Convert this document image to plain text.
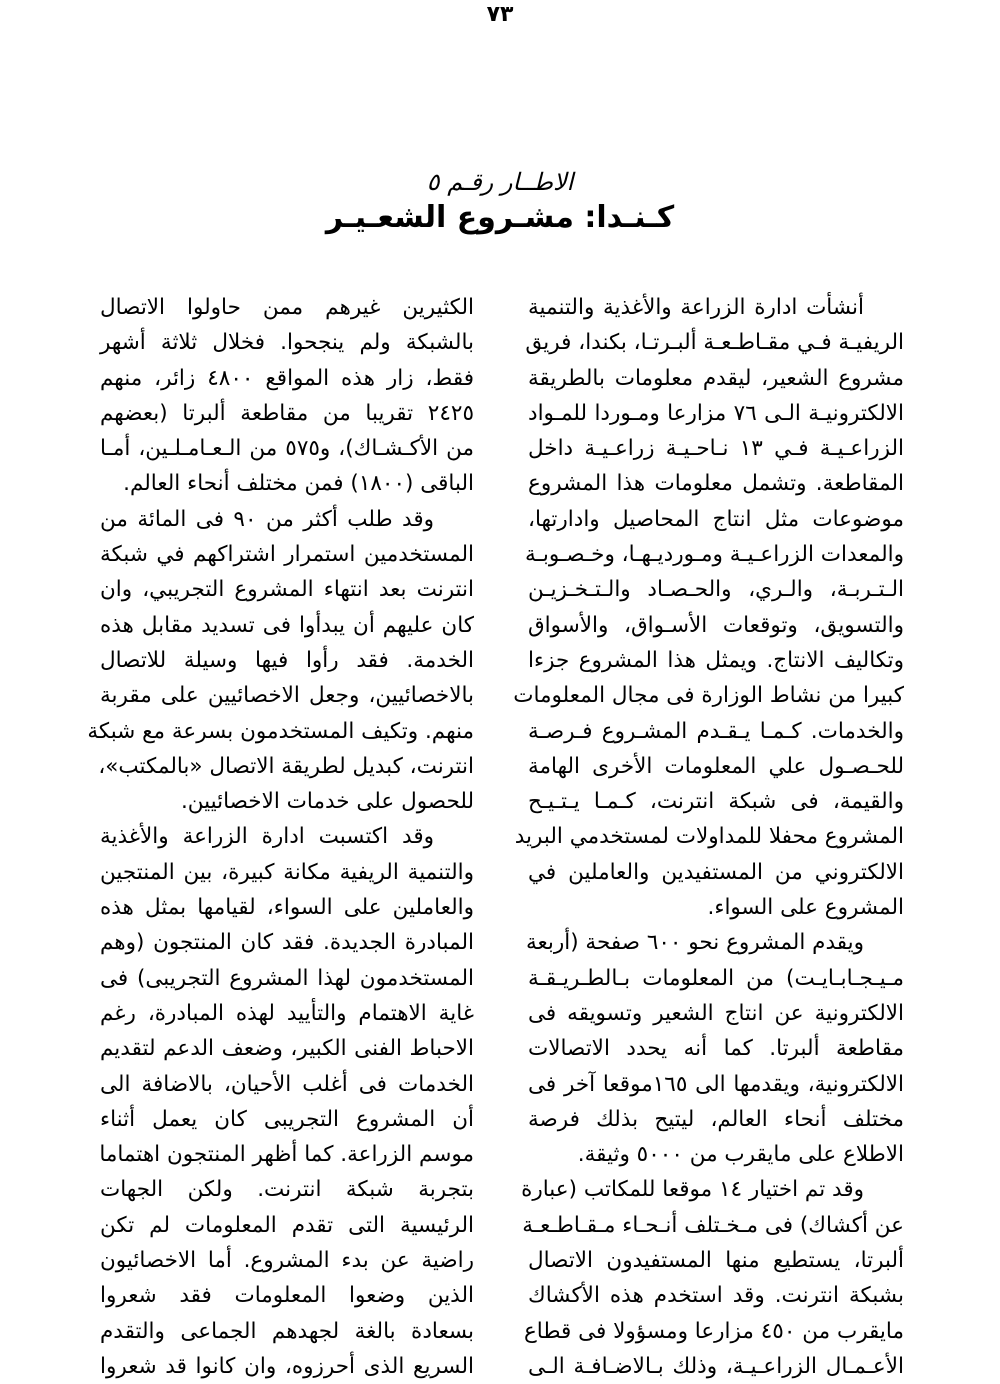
٧٣
الاطــار رقـم ٥
كـنـدا: مشـروع الشعـيـر
أنشأت ادارة الزراعة والأغذية والتنمية
الريفيـة فـي مقـاطـعـة ألبـرتـا، بكندا، فريق
مشروع الشعير، ليقدم معلومات بالطريقة
الالكترونيـة الـى ٧٦ مزارعا ومـوردا للمـواد
الزراعـيـة فـي ١٣ نـاحـيـة زراعـيـة داخل
المقاطعة. وتشمل معلومات هذا المشروع
موضوعات مثل انتاج المحاصيل وادارتها،
والمعدات الزراعـيـة ومـورديـهـا، وخـصـوبـة
الـتـربـة، والـري، والحـصـاد والـتـخـزيـن
والتسويق، وتوقعات الأسـواق، والأسواق
وتكاليف الانتاج. ويمثل هذا المشروع جزءا
كبيرا من نشاط الوزارة فى مجال المعلومات
والخدمات. كـمـا يـقـدم المشـروع فـرصـة
للحـصـول علي المعلومات الأخرى الهامة
والقيمة، فى شبكة انترنت، كـمـا يـتـيـح
المشروع محفلا للمداولات لمستخدمي البريد
الالكتروني من المستفيدين والعاملين في
المشروع على السواء.
ويقدم المشروع نحو ٦٠٠ صفحة (أربعة
مـيـجـابـايـت) من المعلومات بـالطـريـقـة
الالكترونية عن انتاج الشعير وتسويقه فى
مقاطعة ألبرتا. كما أنه يحدد الاتصالات
الالكترونية، ويقدمها الى ١٦٥موقعا آخر فى
مختلف أنحاء العالم، ليتيح بذلك فرصة
الاطلاع على مايقرب من ٥٠٠٠ وثيقة.
وقد تم اختيار ١٤ موقعا للمكاتب (عبارة
عن أكشاك) فى مـخـتلف أنـحـاء مـقـاطـعـة
ألبرتا، يستطيع منها المستفيدون الاتصال
بشبكة انترنت. وقد استخدم هذه الأكشاك
مايقرب من ٤٥٠ مزارعا ومسؤولا فى قطاع
الأعـمـال الزراعـيـة، وذلك بـالاضـافـة الـى
الكثيرين غيرهم ممن حاولوا الاتصال
بالشبكة ولم ينجحوا. فخلال ثلاثة أشهر
فقط، زار هذه المواقع ٤٨٠٠ زائر، منهم
٢٤٢٥ تقريبا من مقاطعة ألبرتا (بعضهم
من الأكـشـاك)، و٥٧٥ من الـعـامـلـين، أمـا
الباقى (١٨٠٠) فمن مختلف أنحاء العالم.
وقد طلب أكثر من ٩٠ فى المائة من
المستخدمين استمرار اشتراكهم في شبكة
انترنت بعد انتهاء المشروع التجريبي، وان
كان عليهم أن يبدأوا فى تسديد مقابل هذه
الخدمة. فقد رأوا فيها وسيلة للاتصال
بالاخصائيين، وجعل الاخصائيين على مقربة
منهم. وتكيف المستخدمون بسرعة مع شبكة
انترنت، كبديل لطريقة الاتصال «بالمكتب»،
للحصول على خدمات الاخصائيين.
وقد اكتسبت ادارة الزراعة والأغذية
والتنمية الريفية مكانة كبيرة، بين المنتجين
والعاملين على السواء، لقيامها بمثل هذه
المبادرة الجديدة. فقد كان المنتجون (وهم
المستخدمون لهذا المشروع التجريبى) فى
غاية الاهتمام والتأييد لهذه المبادرة، رغم
الاحباط الفنى الكبير، وضعف الدعم لتقديم
الخدمات فى أغلب الأحيان، بالاضافة الى
أن المشروع التجريبى كان يعمل أثناء
موسم الزراعة. كما أظهر المنتجون اهتماما
بتجربة شبكة انترنت. ولكن الجهات
الرئيسية التى تقدم المعلومات لم تكن
راضية عن بدء المشروع. أما الاخصائيون
الذين وضعوا المعلومات فقد شعروا
بسعادة بالغة لجهدهم الجماعى والتقدم
السريع الذى أحرزوه، وان كانوا قد شعروا
